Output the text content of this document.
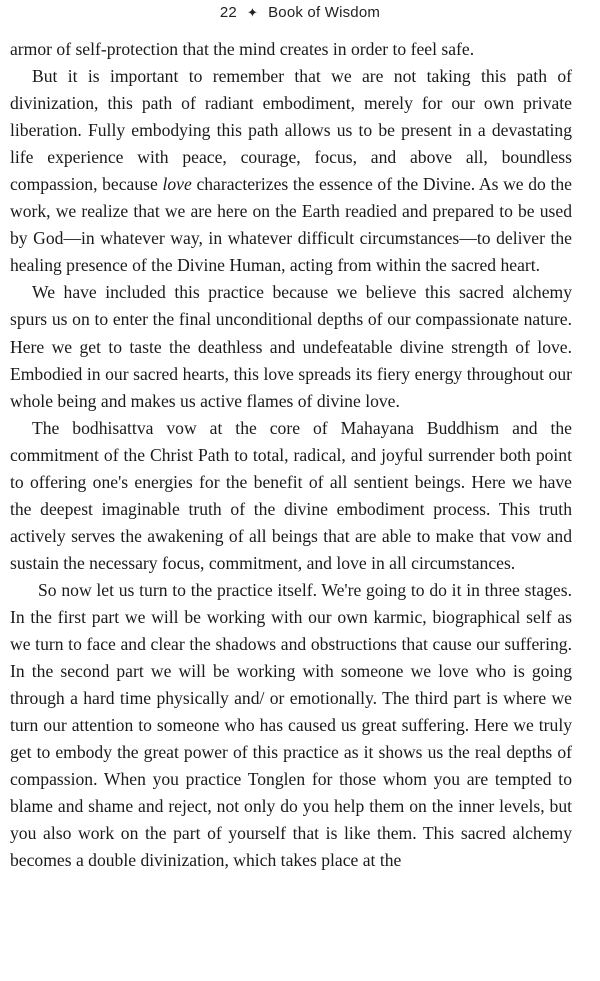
22 ✦ Book of Wisdom

armor of self-protection that the mind creates in order to feel safe.

But it is important to remember that we are not taking this path of divinization, this path of radiant embodiment, merely for our own private liberation. Fully embodying this path allows us to be present in a devastating life experience with peace, courage, focus, and above all, boundless compassion, because love characterizes the essence of the Divine. As we do the work, we realize that we are here on the Earth readied and prepared to be used by God—in whatever way, in whatever difficult circumstances—to deliver the healing presence of the Divine Human, acting from within the sacred heart.

We have included this practice because we believe this sacred alchemy spurs us on to enter the final unconditional depths of our compassionate nature. Here we get to taste the deathless and undefeatable divine strength of love. Embodied in our sacred hearts, this love spreads its fiery energy throughout our whole being and makes us active flames of divine love.

The bodhisattva vow at the core of Mahayana Buddhism and the commitment of the Christ Path to total, radical, and joyful surrender both point to offering one's energies for the benefit of all sentient beings. Here we have the deepest imaginable truth of the divine embodiment process. This truth actively serves the awakening of all beings that are able to make that vow and sustain the necessary focus, commitment, and love in all circumstances.

So now let us turn to the practice itself. We're going to do it in three stages. In the first part we will be working with our own karmic, biographical self as we turn to face and clear the shadows and obstructions that cause our suffering. In the second part we will be working with someone we love who is going through a hard time physically and/ or emotionally. The third part is where we turn our attention to someone who has caused us great suffering. Here we truly get to embody the great power of this practice as it shows us the real depths of compassion. When you practice Tonglen for those whom you are tempted to blame and shame and reject, not only do you help them on the inner levels, but you also work on the part of yourself that is like them. This sacred alchemy becomes a double divinization, which takes place at the
